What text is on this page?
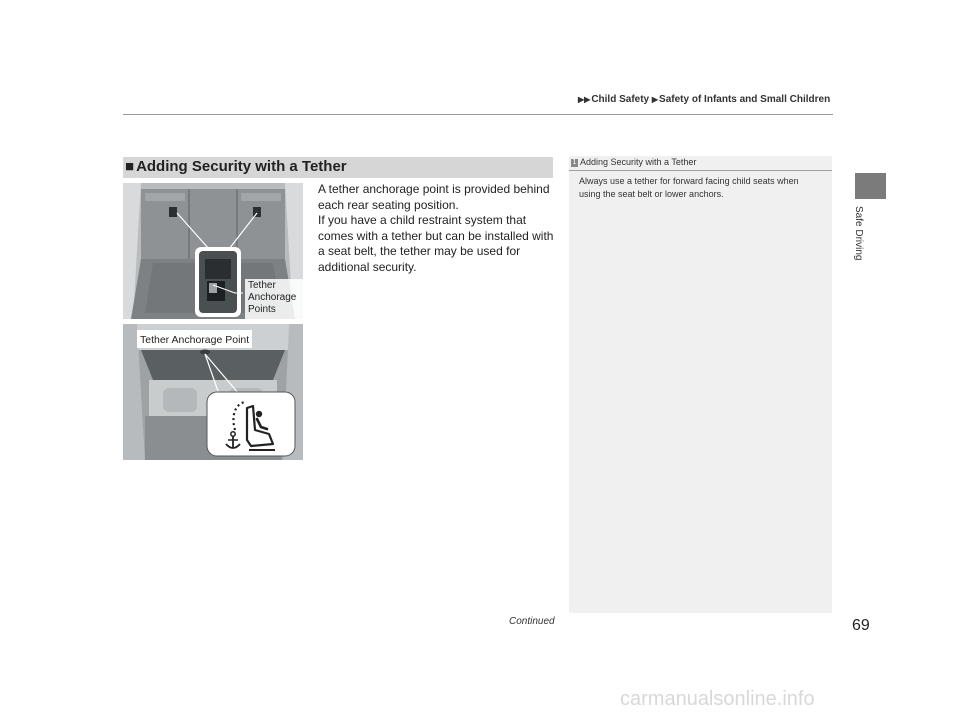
▶▶Child Safety ▶Safety of Infants and Small Children
Safe Driving
■ Adding Security with a Tether

A tether anchorage point is provided behind each rear seating position.

If you have a child restraint system that comes with a tether but can be installed with a seat belt, the tether may be used for additional security.

Tether
Anchorage
Points
Tether Anchorage Point
1 Adding Security with a Tether
Always use a tether for forward facing child seats when using the seat belt or lower anchors.
Continued	69
carmanualsonline.info
